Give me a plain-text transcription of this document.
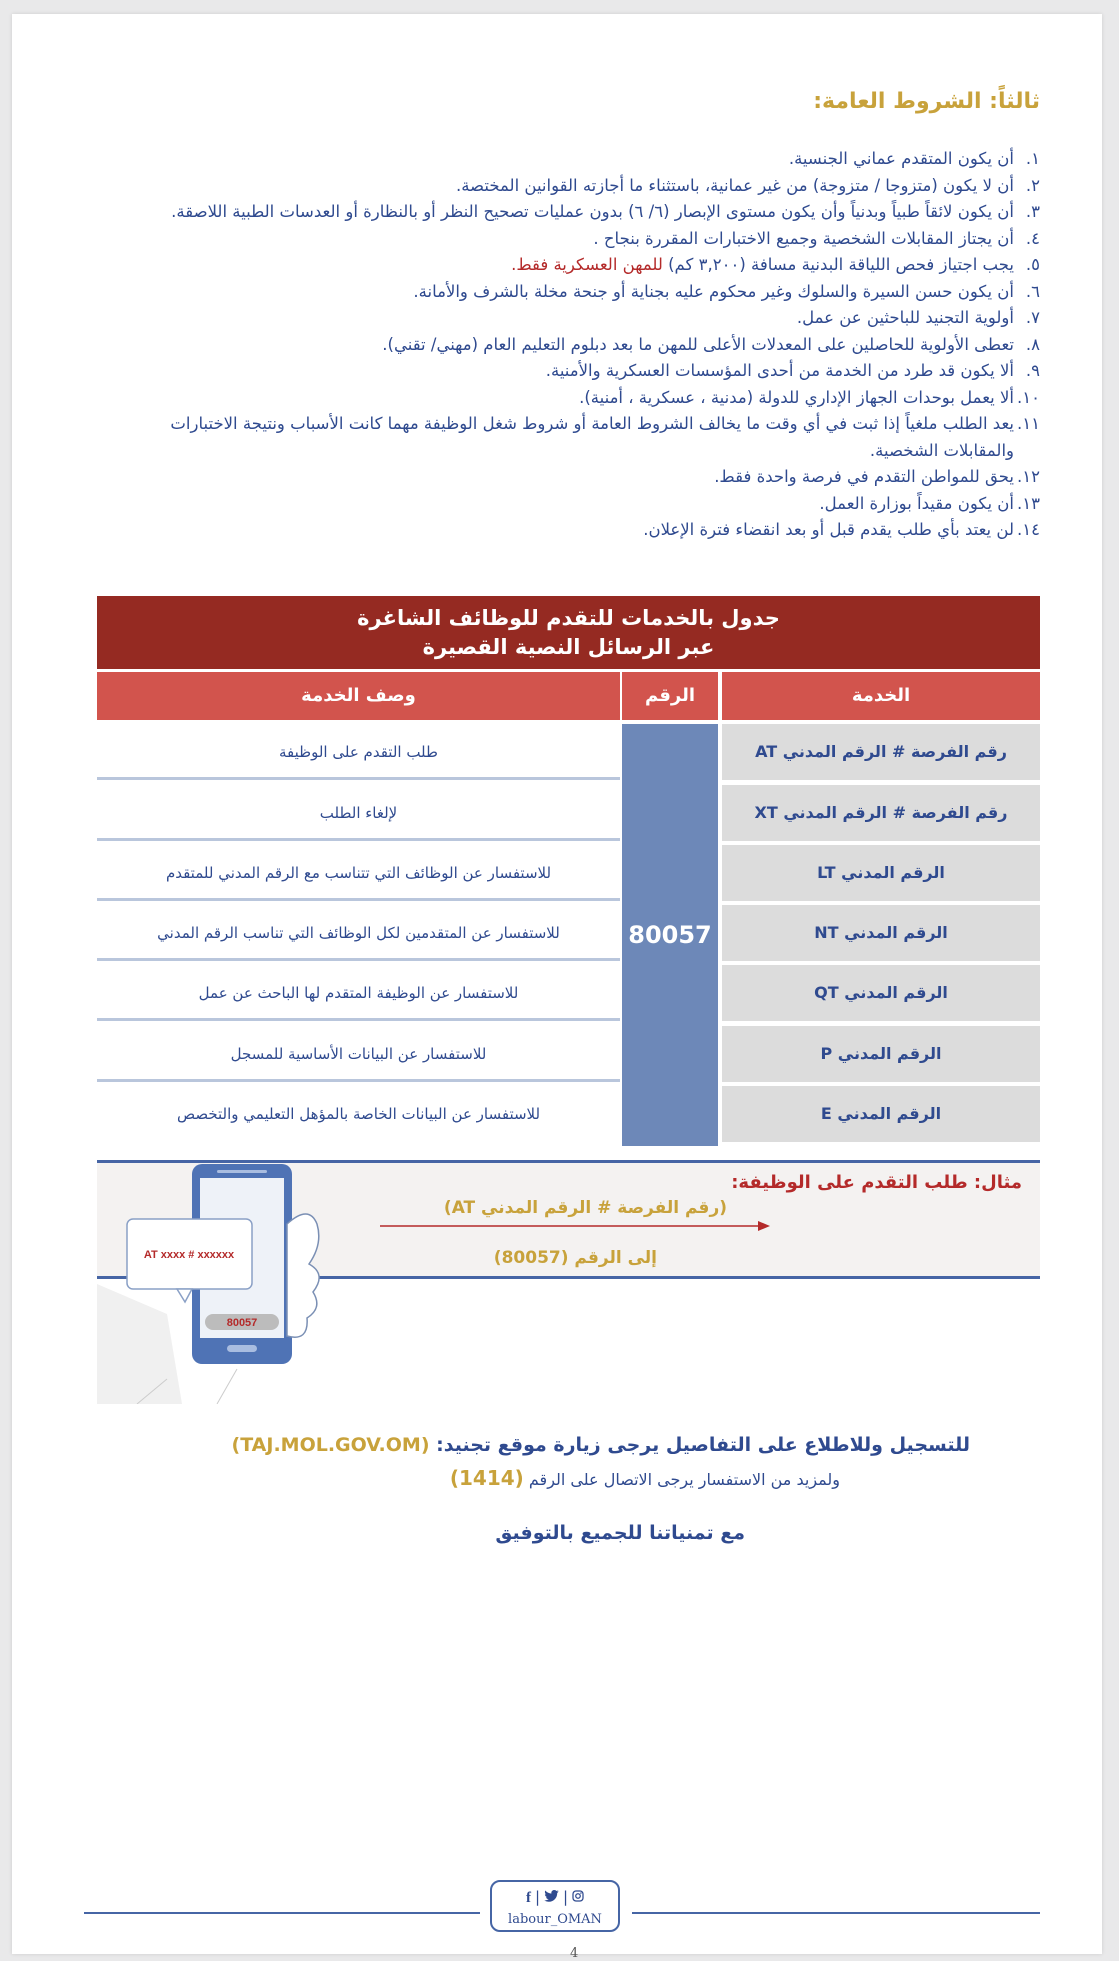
ثالثاً: الشروط العامة:
١.
أن يكون المتقدم عماني الجنسية.
٢.
أن لا يكون (متزوجا / متزوجة) من غير عمانية، باستثناء ما أجازته القوانين المختصة.
٣.
أن يكون لائقاً طبياً وبدنياً وأن يكون مستوى الإبصار (٦/ ٦) بدون عمليات تصحيح النظر أو بالنظارة أو العدسات الطبية اللاصقة.
٤.
أن يجتاز المقابلات الشخصية وجميع الاختبارات المقررة بنجاح .
٥.
يجب اجتياز فحص اللياقة البدنية مسافة (٣,٢٠٠ كم) للمهن العسكرية فقط.
٦.
أن يكون حسن السيرة والسلوك وغير محكوم عليه بجناية أو جنحة مخلة بالشرف والأمانة.
٧.
أولوية التجنيد للباحثين عن عمل.
٨.
تعطى الأولوية للحاصلين على المعدلات الأعلى للمهن ما بعد دبلوم التعليم العام (مهني/ تقني).
٩.
ألا يكون قد طرد من الخدمة من أحدى المؤسسات العسكرية والأمنية.
١٠.
ألا يعمل بوحدات الجهاز الإداري للدولة (مدنية ، عسكرية ، أمنية).
١١.
يعد الطلب ملغياً إذا ثبت في أي وقت ما يخالف الشروط العامة أو شروط شغل الوظيفة مهما كانت الأسباب ونتيجة الاختبارات والمقابلات الشخصية.
١٢.
يحق للمواطن التقدم في فرصة واحدة فقط.
١٣.
أن يكون مقيداً بوزارة العمل.
١٤.
لن يعتد بأي طلب يقدم قبل أو بعد انقضاء فترة الإعلان.
جدول بالخدمات للتقدم للوظائف الشاغرة
عبر الرسائل النصية القصيرة
الخدمة
الرقم
وصف الخدمة
80057
رقم الفرصة # الرقم المدني AT
طلب التقدم على الوظيفة
رقم الفرصة # الرقم المدني XT
لإلغاء الطلب
الرقم المدني LT
للاستفسار عن الوظائف التي تتناسب مع الرقم المدني للمتقدم
الرقم المدني NT
للاستفسار عن المتقدمين لكل الوظائف التي تناسب الرقم المدني
الرقم المدني QT
للاستفسار عن الوظيفة المتقدم لها الباحث عن عمل
الرقم المدني P
للاستفسار عن البيانات الأساسية للمسجل
الرقم المدني E
للاستفسار عن البيانات الخاصة بالمؤهل التعليمي والتخصص
مثال: طلب التقدم على الوظيفة:
(رقم الفرصة # الرقم المدني AT)
إلى الرقم (80057)
80057
AT xxxx # xxxxxx
للتسجيل وللاطلاع على التفاصيل يرجى زيارة موقع تجنيد: (TAJ.MOL.GOV.OM)
ولمزيد من الاستفسار يرجى الاتصال على الرقم (1414)
مع تمنياتنا للجميع بالتوفيق
f | |
labour_OMAN
4
